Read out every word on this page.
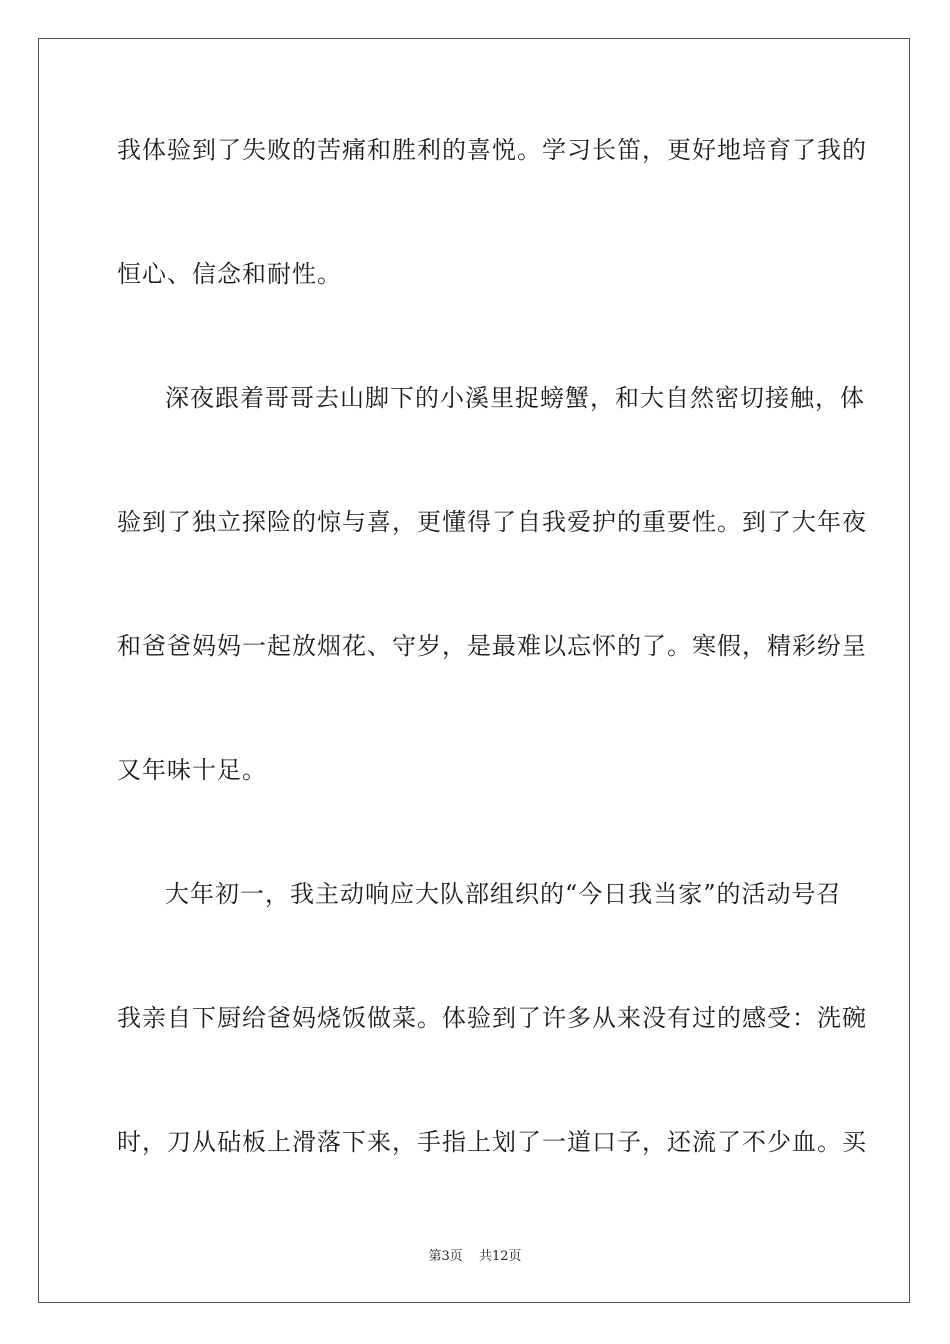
我体验到了失败的苦痛和胜利的喜悦。学习长笛，更好地培育了我的
恒心、信念和耐性。
深夜跟着哥哥去山脚下的小溪里捉螃蟹，和大自然密切接触，体
验到了独立探险的惊与喜，更懂得了自我爱护的重要性。到了大年夜
和爸爸妈妈一起放烟花、守岁，是最难以忘怀的了。寒假，精彩纷呈
又年味十足。
大年初一，我主动响应大队部组织的“今日我当家”的活动号召
我亲自下厨给爸妈烧饭做菜。体验到了许多从来没有过的感受：洗碗
时，刀从砧板上滑落下来，手指上划了一道口子，还流了不少血。买
第3页 共12页
